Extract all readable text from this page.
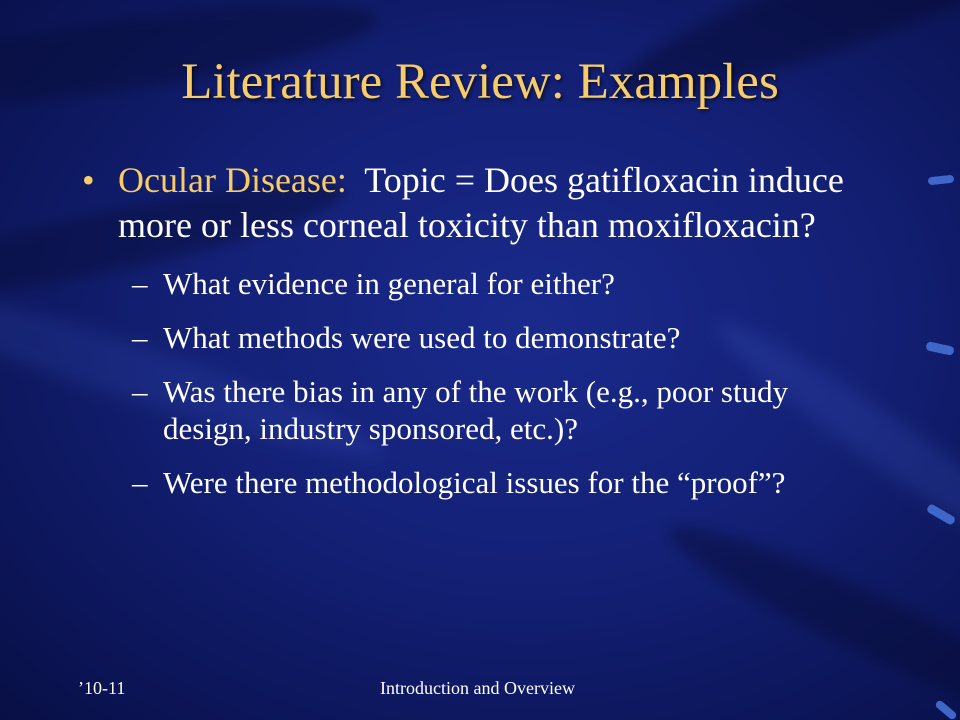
Literature Review: Examples
• Ocular Disease:  Topic = Does gatifloxacin induce more or less corneal toxicity than moxifloxacin?
– What evidence in general for either?
– What methods were used to demonstrate?
– Was there bias in any of the work (e.g., poor study design, industry sponsored, etc.)?
– Were there methodological issues for the “proof”?
’10-11	Introduction and Overview
